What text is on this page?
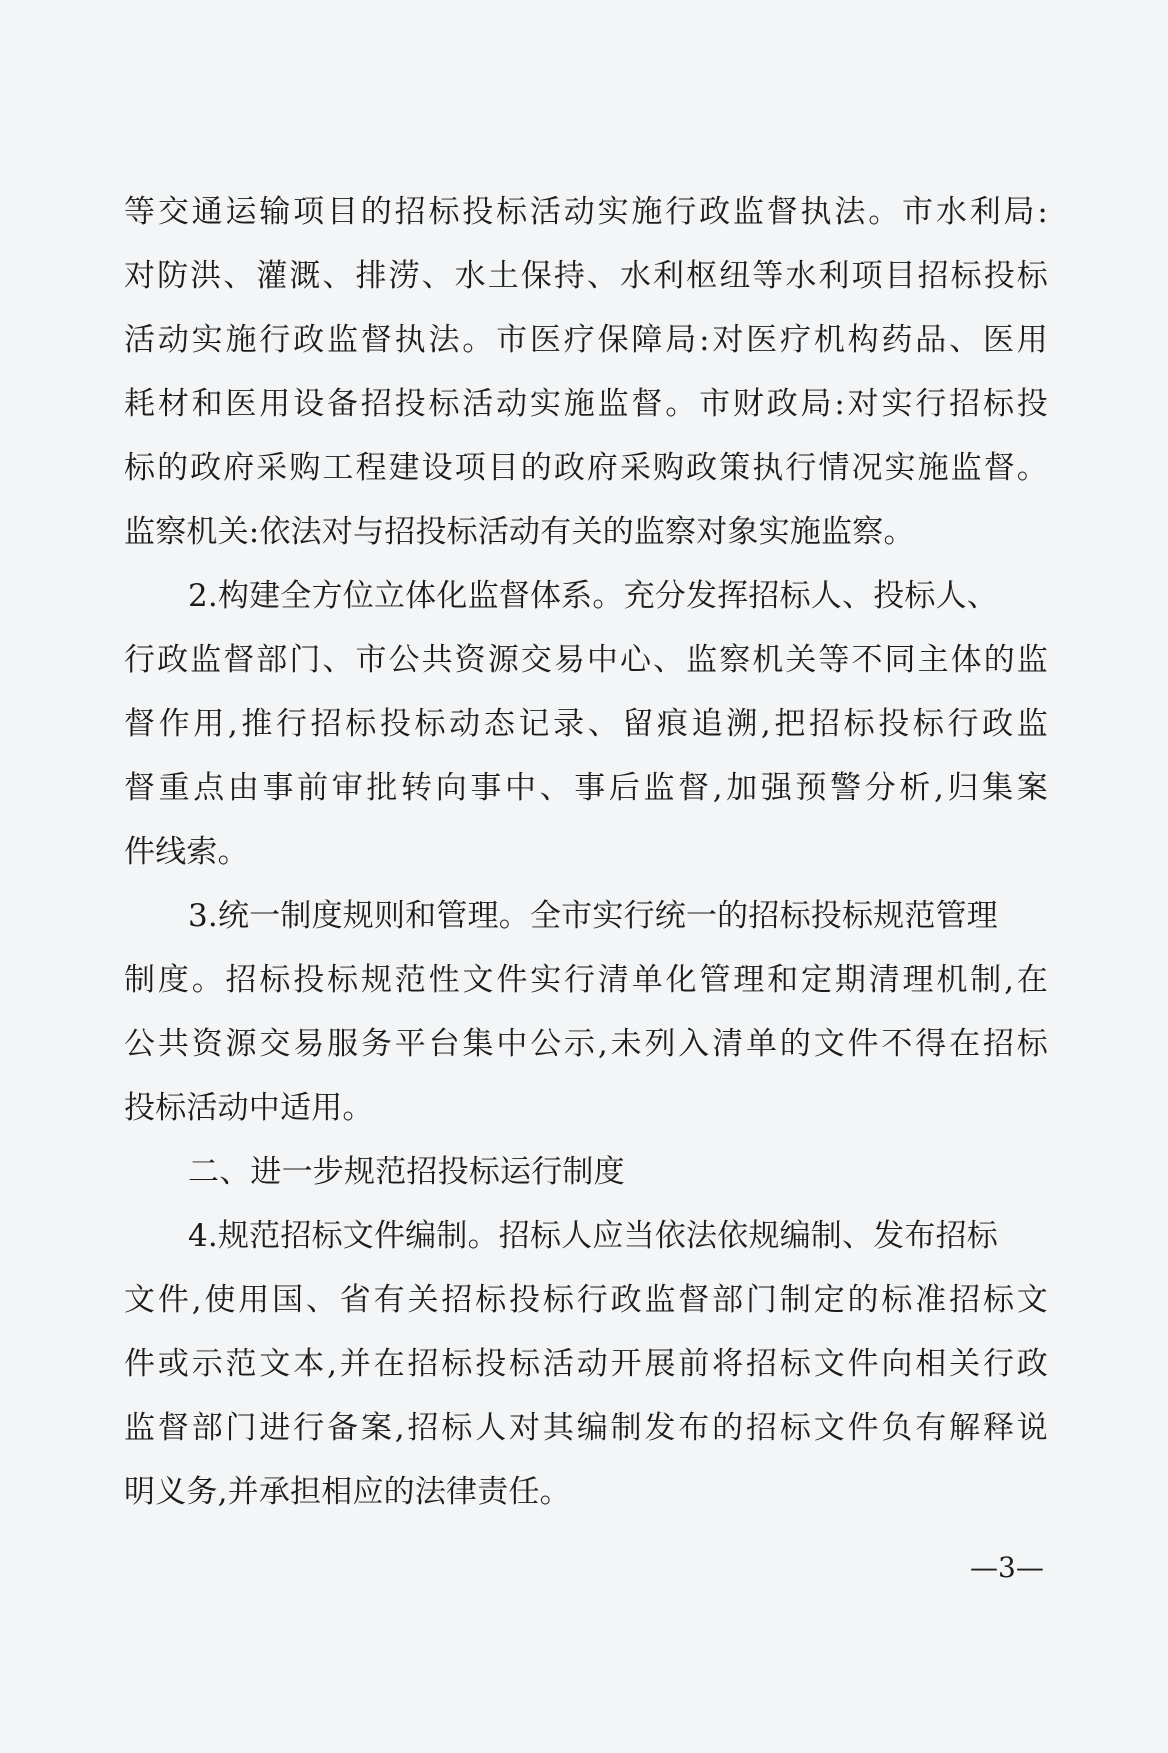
等交通运输项目的招标投标活动实施行政监督执法。市水利局:
对防洪、灌溉、排涝、水土保持、水利枢纽等水利项目招标投标
活动实施行政监督执法。市医疗保障局:对医疗机构药品、医用
耗材和医用设备招投标活动实施监督。市财政局:对实行招标投
标的政府采购工程建设项目的政府采购政策执行情况实施监督。
监察机关:依法对与招投标活动有关的监察对象实施监察。
2.构建全方位立体化监督体系。充分发挥招标人、投标人、
行政监督部门、市公共资源交易中心、监察机关等不同主体的监
督作用,推行招标投标动态记录、留痕追溯,把招标投标行政监
督重点由事前审批转向事中、事后监督,加强预警分析,归集案
件线索。
3.统一制度规则和管理。全市实行统一的招标投标规范管理
制度。招标投标规范性文件实行清单化管理和定期清理机制,在
公共资源交易服务平台集中公示,未列入清单的文件不得在招标
投标活动中适用。
二、进一步规范招投标运行制度
4.规范招标文件编制。招标人应当依法依规编制、发布招标
文件,使用国、省有关招标投标行政监督部门制定的标准招标文
件或示范文本,并在招标投标活动开展前将招标文件向相关行政
监督部门进行备案,招标人对其编制发布的招标文件负有解释说
明义务,并承担相应的法律责任。
—3—
